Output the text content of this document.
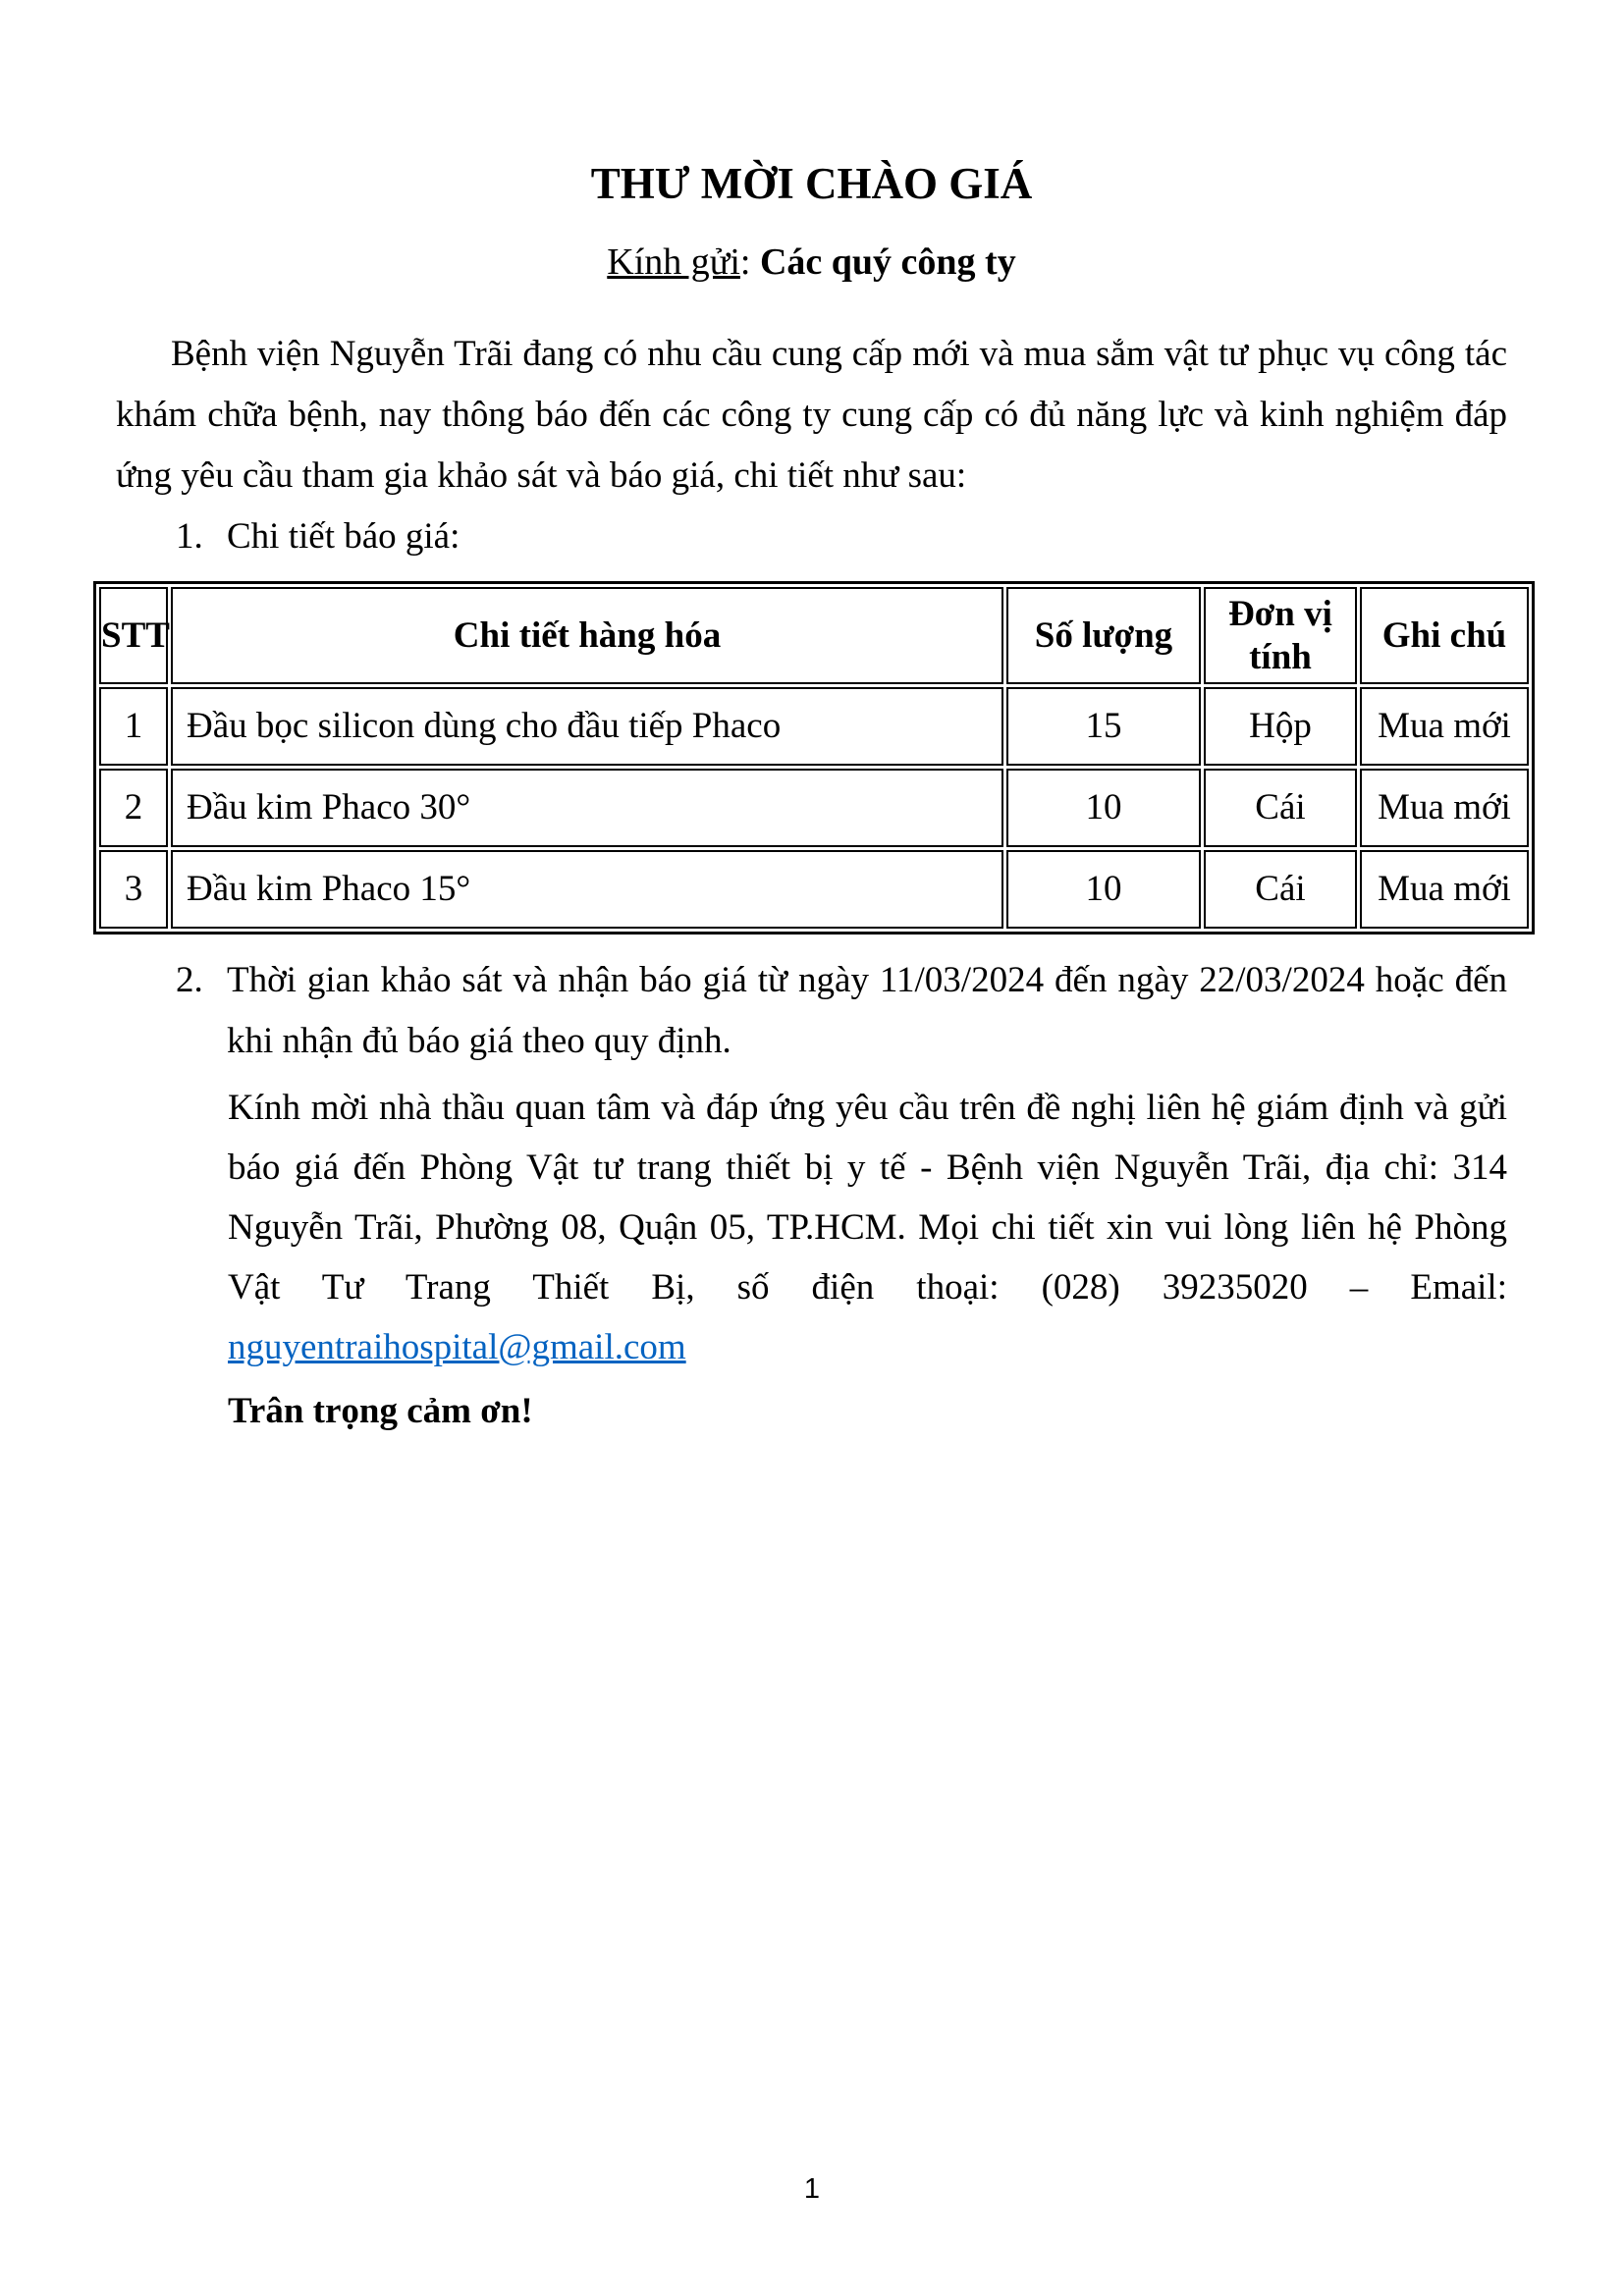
THƯ MỜI CHÀO GIÁ
Kính gửi: Các quý công ty

Bệnh viện Nguyễn Trãi đang có nhu cầu cung cấp mới và mua sắm vật tư phục vụ công tác khám chữa bệnh, nay thông báo đến các công ty cung cấp có đủ năng lực và kinh nghiệm đáp ứng yêu cầu tham gia khảo sát và báo giá, chi tiết như sau:

1. Chi tiết báo giá:
STT	Chi tiết hàng hóa	Số lượng	Đơn vị tính	Ghi chú
1	Đầu bọc silicon dùng cho đầu tiếp Phaco	15	Hộp	Mua mới
2	Đầu kim Phaco 30°	10	Cái	Mua mới
3	Đầu kim Phaco 15°	10	Cái	Mua mới
2. Thời gian khảo sát và nhận báo giá từ ngày 11/03/2024 đến ngày 22/03/2024 hoặc đến khi nhận đủ báo giá theo quy định.

Kính mời nhà thầu quan tâm và đáp ứng yêu cầu trên đề nghị liên hệ giám định và gửi báo giá đến Phòng Vật tư trang thiết bị y tế - Bệnh viện Nguyễn Trãi, địa chỉ: 314 Nguyễn Trãi, Phường 08, Quận 05, TP.HCM. Mọi chi tiết xin vui lòng liên hệ Phòng Vật Tư Trang Thiết Bị, số điện thoại: (028) 39235020 – Email: nguyentraihospital@gmail.com

Trân trọng cảm ơn!

1
